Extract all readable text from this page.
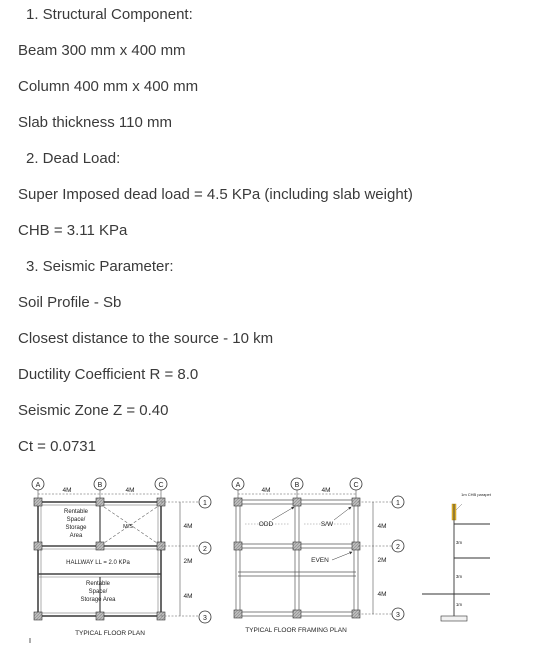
1. Structural Component:
Beam 300 mm x 400 mm
Column 400 mm x 400 mm
Slab thickness 110 mm
2. Dead Load:
Super Imposed dead load = 4.5 KPa (including slab weight)
CHB = 3.11 KPa
3. Seismic Parameter:
Soil Profile - Sb
Closest distance to the source - 10 km
Ductility Coefficient R = 8.0
Seismic Zone Z = 0.40
Ct = 0.0731
A	B	C
4M	4M
M/S
Rentable
Space/
Storage
Area
HALLWAY LL = 2.0 KPa
Rentable
Space/
Storage Area
4M
2M
4M
1
2
3
TYPICAL FLOOR PLAN
A	B	C
4M	4M
ODD	S/W
EVEN
4M
2M
4M
1
2
3
TYPICAL FLOOR FRAMING PLAN
1m CHB parapet
3m
3m
1m
